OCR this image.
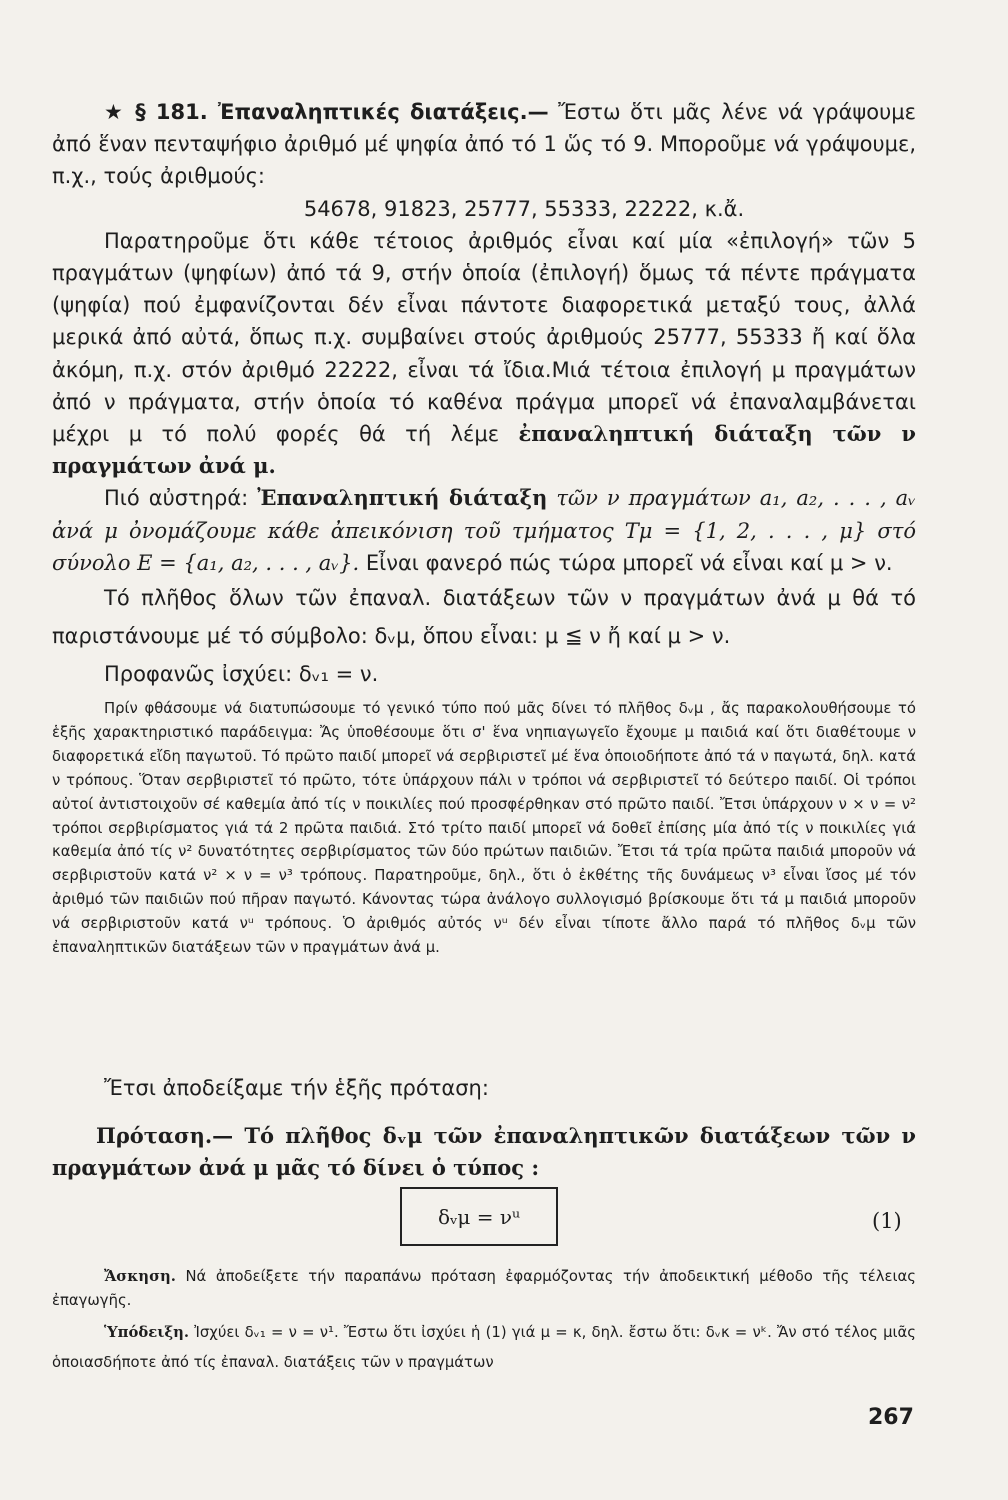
★ § 181. Ἐπαναληπτικές διατάξεις.— Ἔστω ὅτι μᾶς λένε νά γράψουμε ἀπό ἕναν πενταψήφιο ἀριθμό μέ ψηφία ἀπό τό 1 ὥς τό 9. Μποροῦμε νά γράψουμε, π.χ., τούς ἀριθμούς:

54678, 91823, 25777, 55333, 22222, κ.ἄ.

Παρατηροῦμε ὅτι κάθε τέτοιος ἀριθμός εἶναι καί μία «ἐπιλογή» τῶν 5 πραγμάτων (ψηφίων) ἀπό τά 9, στήν ὁποία (ἐπιλογή) ὅμως τά πέντε πράγματα (ψηφία) πού ἐμφανίζονται δέν εἶναι πάντοτε διαφορετικά μεταξύ τους, ἀλλά μερικά ἀπό αὐτά, ὅπως π.χ. συμβαίνει στούς ἀριθμούς 25777, 55333 ἤ καί ὅλα ἀκόμη, π.χ. στόν ἀριθμό 22222, εἶναι τά ἴδια.Μιά τέτοια ἐπιλογή μ πραγμάτων ἀπό ν πράγματα, στήν ὁποία τό καθένα πράγμα μπορεῖ νά ἐπαναλαμβάνεται μέχρι μ τό πολύ φορές θά τή λέμε ἐπαναληπτική διάταξη τῶν ν πραγμάτων ἀνά μ.

Πιό αὐστηρά: Ἐπαναληπτική διάταξη τῶν ν πραγμάτων a₁, a₂, . . . , aᵥ ἀνά μ ὀνομάζουμε κάθε ἀπεικόνιση τοῦ τμήματος Tμ = {1, 2, . . . , μ} στό σύνολο E = {a₁, a₂, . . . , aᵥ}. Εἶναι φανερό πώς τώρα μπορεῖ νά εἶναι καί μ > ν.

Τό πλῆθος ὅλων τῶν ἐπαναλ. διατάξεων τῶν ν πραγμάτων ἀνά μ θά τό παριστάνουμε μέ τό σύμβολο: δᵥμ, ὅπου εἶναι: μ ≦ ν ἤ καί μ > ν.

Προφανῶς ἰσχύει: δᵥ₁ = ν.

Πρίν φθάσουμε νά διατυπώσουμε τό γενικό τύπο πού μᾶς δίνει τό πλῆθος δᵥμ , ἄς παρακολουθήσουμε τό ἑξῆς χαρακτηριστικό παράδειγμα: Ἄς ὑποθέσουμε ὅτι σ' ἕνα νηπιαγωγεῖο ἔχουμε μ παιδιά καί ὅτι διαθέτουμε ν διαφορετικά εἴδη παγωτοῦ. Τό πρῶτο παιδί μπορεῖ νά σερβιριστεῖ μέ ἕνα ὁποιοδήποτε ἀπό τά ν παγωτά, δηλ. κατά ν τρόπους. Ὅταν σερβιριστεῖ τό πρῶτο, τότε ὑπάρχουν πάλι ν τρόποι νά σερβιριστεῖ τό δεύτερο παιδί. Οἱ τρόποι αὐτοί ἀντιστοιχοῦν σέ καθεμία ἀπό τίς ν ποικιλίες πού προσφέρθηκαν στό πρῶτο παιδί. Ἔτσι ὑπάρχουν ν × ν = ν² τρόποι σερβιρίσματος γιά τά 2 πρῶτα παιδιά. Στό τρίτο παιδί μπορεῖ νά δοθεῖ ἐπίσης μία ἀπό τίς ν ποικιλίες γιά καθεμία ἀπό τίς ν² δυνατότητες σερβιρίσματος τῶν δύο πρώτων παιδιῶν. Ἔτσι τά τρία πρῶτα παιδιά μποροῦν νά σερβιριστοῦν κατά ν² × ν = ν³ τρόπους. Παρατηροῦμε, δηλ., ὅτι ὁ ἐκθέτης τῆς δυνάμεως ν³ εἶναι ἴσος μέ τόν ἀριθμό τῶν παιδιῶν πού πῆραν παγωτό. Κάνοντας τώρα ἀνάλογο συλλογισμό βρίσκουμε ὅτι τά μ παιδιά μποροῦν νά σερβιριστοῦν κατά νᵘ τρόπους. Ὁ ἀριθμός αὐτός νᵘ δέν εἶναι τίποτε ἄλλο παρά τό πλῆθος δᵥμ τῶν ἐπαναληπτικῶν διατάξεων τῶν ν πραγμάτων ἀνά μ.

Ἔτσι ἀποδείξαμε τήν ἑξῆς πρόταση:

Πρόταση.— Τό πλῆθος δᵥμ τῶν ἐπαναληπτικῶν διατάξεων τῶν ν πραγμάτων ἀνά μ μᾶς τό δίνει ὁ τύπος :

δᵥμ = νᵘ	(1)

Ἄσκηση. Νά ἀποδείξετε τήν παραπάνω πρόταση ἐφαρμόζοντας τήν ἀποδεικτική μέθοδο τῆς τέλειας ἐπαγωγῆς.

Ὑπόδειξη. Ἰσχύει δᵥ₁ = ν = ν¹. Ἔστω ὅτι ἰσχύει ἡ (1) γιά μ = κ, δηλ. ἔστω ὅτι: δᵥκ = νᵏ. Ἄν στό τέλος μιᾶς ὁποιασδήποτε ἀπό τίς ἐπαναλ. διατάξεις τῶν ν πραγμάτων

267
